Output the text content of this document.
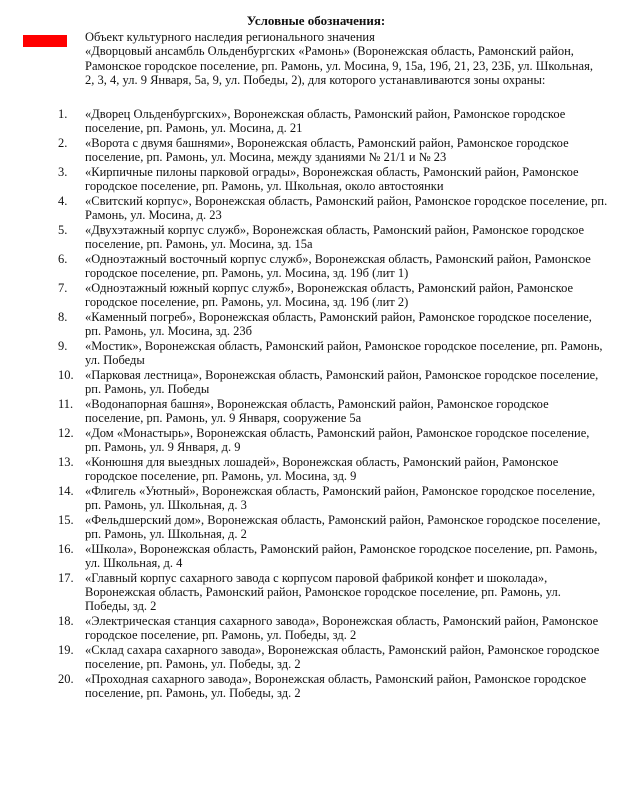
Условные обозначения:
Объект культурного наследия регионального значения
«Дворцовый ансамбль Ольденбургских «Рамонь» (Воронежская область, Рамонский район, Рамонское городское поселение, рп. Рамонь, ул. Мосина, 9, 15а, 19б, 21, 23, 23Б, ул. Школьная, 2, 3, 4, ул. 9 Января, 5а, 9, ул. Победы, 2), для которого устанавливаются зоны охраны:
1. «Дворец Ольденбургских», Воронежская область, Рамонский район, Рамонское городское поселение, рп. Рамонь, ул. Мосина, д. 21
2. «Ворота с двумя башнями», Воронежская область, Рамонский район, Рамонское городское поселение, рп. Рамонь, ул. Мосина, между зданиями № 21/1 и № 23
3. «Кирпичные пилоны парковой ограды», Воронежская область, Рамонский район, Рамонское городское поселение, рп. Рамонь, ул. Школьная, около автостоянки
4. «Свитский корпус», Воронежская область, Рамонский район, Рамонское городское поселение, рп. Рамонь, ул. Мосина, д. 23
5. «Двухэтажный корпус служб», Воронежская область, Рамонский район, Рамонское городское поселение, рп. Рамонь, ул. Мосина, зд. 15а
6. «Одноэтажный восточный корпус служб», Воронежская область, Рамонский район, Рамонское городское поселение, рп. Рамонь, ул. Мосина, зд. 19б (лит 1)
7. «Одноэтажный южный корпус служб», Воронежская область, Рамонский район, Рамонское городское поселение, рп. Рамонь, ул. Мосина, зд. 19б (лит 2)
8. «Каменный погреб», Воронежская область, Рамонский район, Рамонское городское поселение, рп. Рамонь, ул. Мосина, зд. 23б
9. «Мостик», Воронежская область, Рамонский район, Рамонское городское поселение, рп. Рамонь, ул. Победы
10. «Парковая лестница», Воронежская область, Рамонский район, Рамонское городское поселение, рп. Рамонь, ул. Победы
11. «Водонапорная башня», Воронежская область, Рамонский район, Рамонское городское поселение, рп. Рамонь, ул. 9 Января, сооружение 5а
12. «Дом «Монастырь», Воронежская область, Рамонский район, Рамонское городское поселение, рп. Рамонь, ул. 9 Января, д. 9
13. «Конюшня для выездных лошадей», Воронежская область, Рамонский район, Рамонское городское поселение, рп. Рамонь, ул. Мосина, зд. 9
14. «Флигель «Уютный», Воронежская область, Рамонский район, Рамонское городское поселение, рп. Рамонь, ул. Школьная, д. 3
15. «Фельдшерский дом», Воронежская область, Рамонский район, Рамонское городское поселение, рп. Рамонь, ул. Школьная, д. 2
16. «Школа», Воронежская область, Рамонский район, Рамонское городское поселение, рп. Рамонь, ул. Школьная, д. 4
17. «Главный корпус сахарного завода с корпусом паровой фабрикой конфет и шоколада», Воронежская область, Рамонский район, Рамонское городское поселение, рп. Рамонь, ул. Победы, зд. 2
18. «Электрическая станция сахарного завода», Воронежская область, Рамонский район, Рамонское городское поселение, рп. Рамонь, ул. Победы, зд. 2
19. «Склад сахара сахарного завода», Воронежская область, Рамонский район, Рамонское городское поселение, рп. Рамонь, ул. Победы, зд. 2
20. «Проходная сахарного завода», Воронежская область, Рамонский район, Рамонское городское поселение, рп. Рамонь, ул. Победы, зд. 2
